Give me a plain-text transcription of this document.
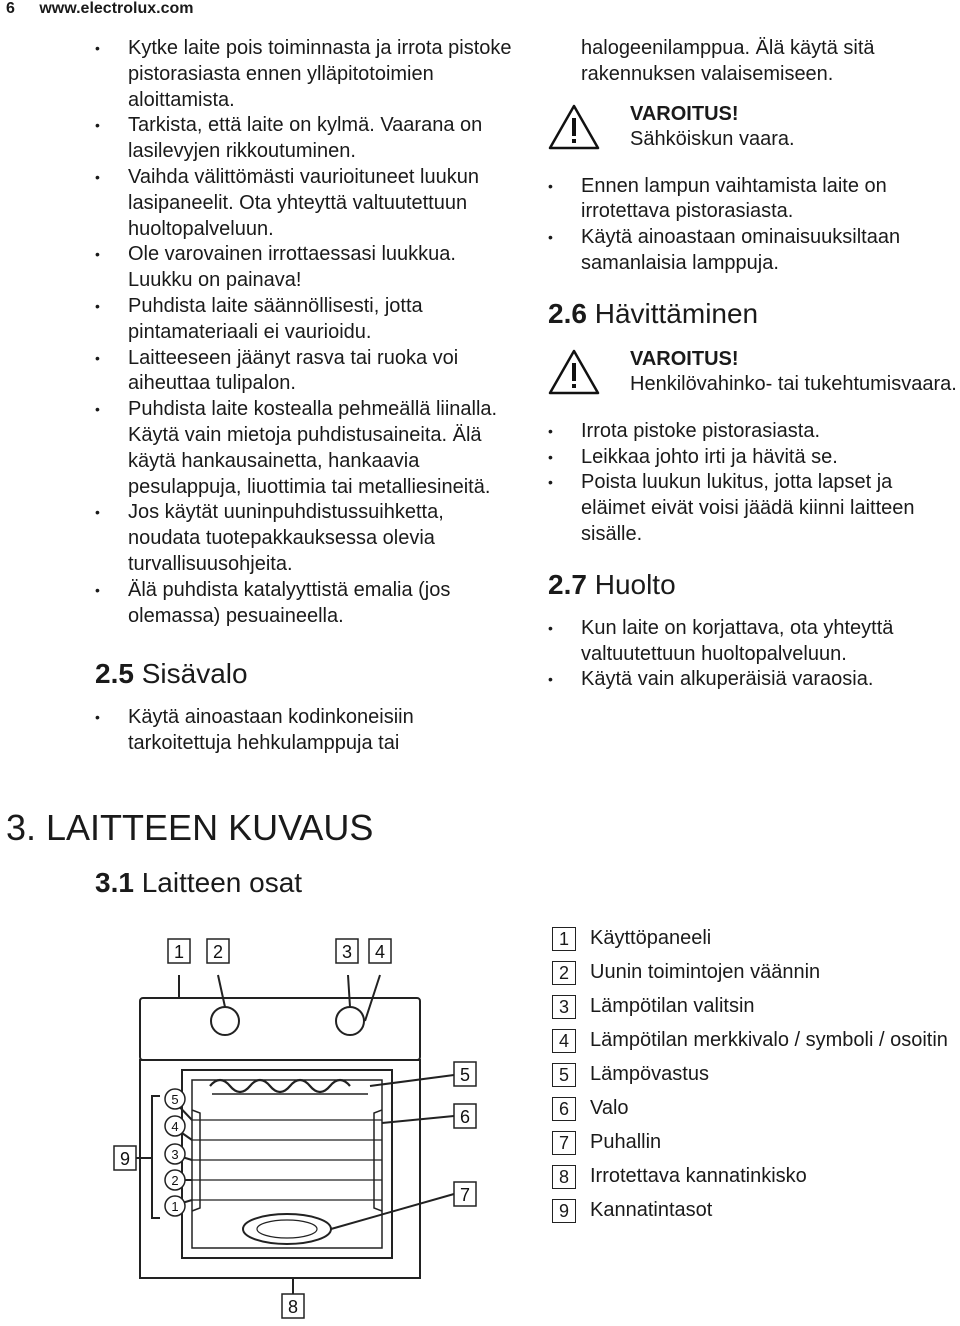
6 www.electrolux.com
• Kytke laite pois toiminnasta ja irrota pistoke pistorasiasta ennen ylläpitotoimien aloittamista.
• Tarkista, että laite on kylmä. Vaarana on lasilevyjen rikkoutuminen.
• Vaihda välittömästi vaurioituneet luukun lasipaneelit. Ota yhteyttä valtuutettuun huoltopalveluun.
• Ole varovainen irrottaessasi luukkua. Luukku on painava!
• Puhdista laite säännöllisesti, jotta pintamateriaali ei vaurioidu.
• Laitteeseen jäänyt rasva tai ruoka voi aiheuttaa tulipalon.
• Puhdista laite kostealla pehmeällä liinalla. Käytä vain mietoja puhdistusaineita. Älä käytä hankausainetta, hankaavia pesulappuja, liuottimia tai metalliesineitä.
• Jos käytät uuninpuhdistussuihketta, noudata tuotepakkauksessa olevia turvallisuusohjeita.
• Älä puhdista katalyyttistä emalia (jos olemassa) pesuaineella.
2.5 Sisävalo
• Käytä ainoastaan kodinkoneisiin tarkoitettuja hehkulamppuja tai
halogeenilamppua. Älä käytä sitä rakennuksen valaisemiseen.
VAROITUS!
Sähköiskun vaara.
• Ennen lampun vaihtamista laite on irrotettava pistorasiasta.
• Käytä ainoastaan ominaisuuksiltaan samanlaisia lamppuja.
2.6 Hävittäminen
VAROITUS!
Henkilövahinko- tai tukehtumisvaara.
• Irrota pistoke pistorasiasta.
• Leikkaa johto irti ja hävitä se.
• Poista luukun lukitus, jotta lapset ja eläimet eivät voisi jäädä kiinni laitteen sisälle.
2.7 Huolto
• Kun laite on korjattava, ota yhteyttä valtuutettuun huoltopalveluun.
• Käytä vain alkuperäisiä varaosia.
3. LAITTEEN KUVAUS
3.1 Laitteen osat
1 2	3 4
5
6
7
8
9
5
4
3
2
1
1	Käyttöpaneeli
2	Uunin toimintojen väännin
3	Lämpötilan valitsin
4	Lämpötilan merkkivalo / symboli / osoitin
5	Lämpövastus
6	Valo
7	Puhallin
8	Irrotettava kannatinkisko
9	Kannatintasot
